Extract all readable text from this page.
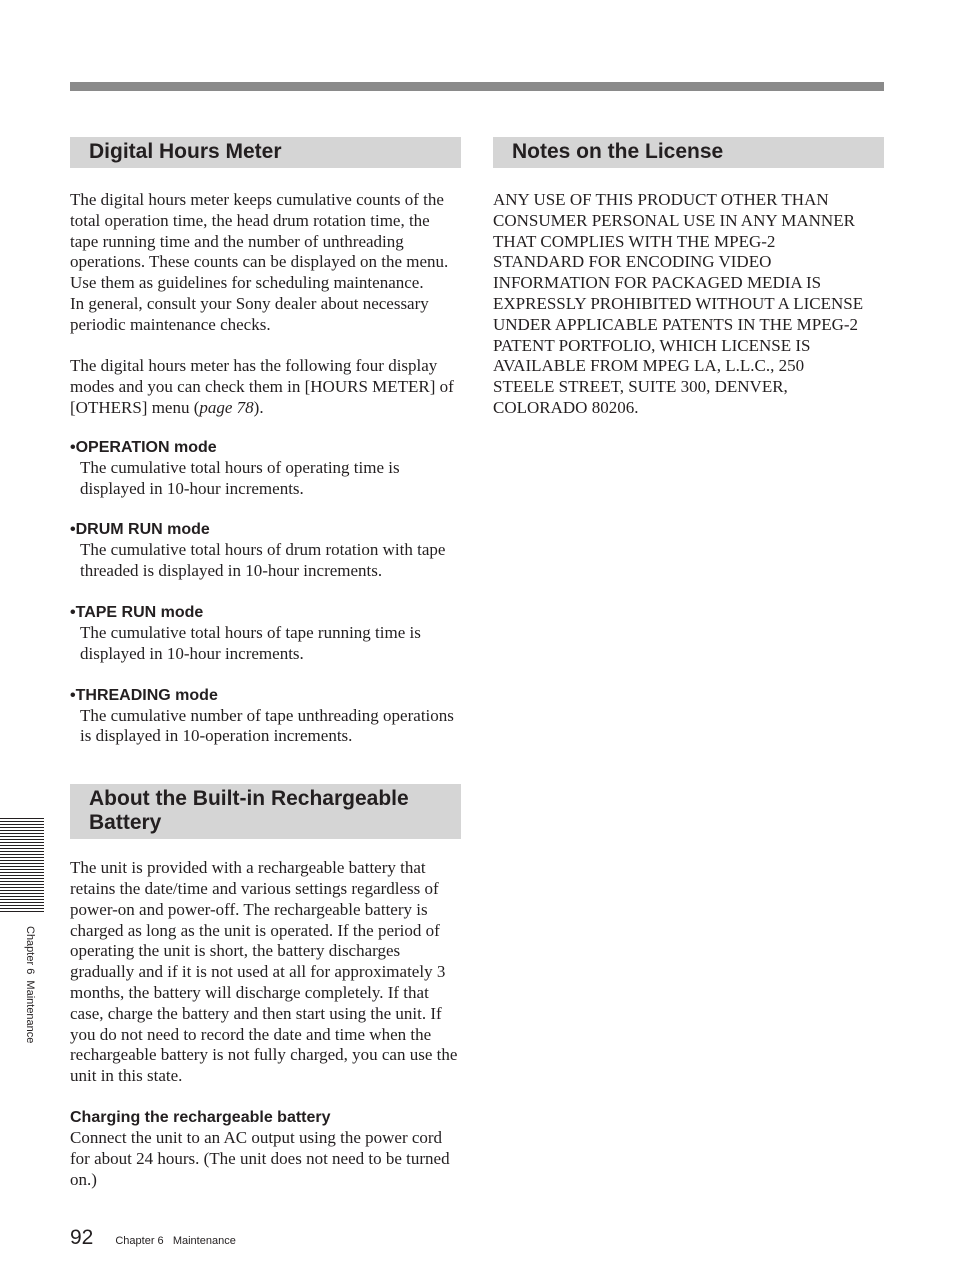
Digital Hours Meter

The digital hours meter keeps cumulative counts of the total operation time, the head drum rotation time, the tape running time and the number of unthreading operations. These counts can be displayed on the menu. Use them as guidelines for scheduling maintenance.

In general, consult your Sony dealer about necessary periodic maintenance checks.

The digital hours meter has the following four display modes and you can check them in [HOURS METER] of [OTHERS] menu (page 78).

•OPERATION mode

The cumulative total hours of operating time is displayed in 10-hour increments.

•DRUM RUN mode

The cumulative total hours of drum rotation with tape threaded is displayed in 10-hour increments.

•TAPE RUN mode

The cumulative total hours of tape running time is displayed in 10-hour increments.

•THREADING mode

The cumulative number of tape unthreading operations is displayed in 10-operation increments.

About the Built-in Rechargeable
Battery

The unit is provided with a rechargeable battery that retains the date/time and various settings regardless of power-on and power-off. The rechargeable battery is charged as long as the unit is operated. If the period of operating the unit is short, the battery discharges gradually and if it is not used at all for approximately 3 months, the battery will discharge completely. If that case, charge the battery and then start using the unit. If you do not need to record the date and time when the rechargeable battery is not fully charged, you can use the unit in this state.

Charging the rechargeable battery

Connect the unit to an AC output using the power cord for about 24 hours. (The unit does not need to be turned on.)

Notes on the License
ANY USE OF THIS PRODUCT OTHER THAN
CONSUMER PERSONAL USE IN ANY MANNER
THAT COMPLIES WITH THE MPEG-2
STANDARD FOR ENCODING VIDEO
INFORMATION FOR PACKAGED MEDIA IS
EXPRESSLY PROHIBITED WITHOUT A LICENSE
UNDER APPLICABLE PATENTS IN THE MPEG-2
PATENT PORTFOLIO, WHICH LICENSE IS
AVAILABLE FROM MPEG LA, L.L.C., 250
STEELE STREET, SUITE 300, DENVER,
COLORADO 80206.
Chapter 6  Maintenance
92 Chapter 6   Maintenance
